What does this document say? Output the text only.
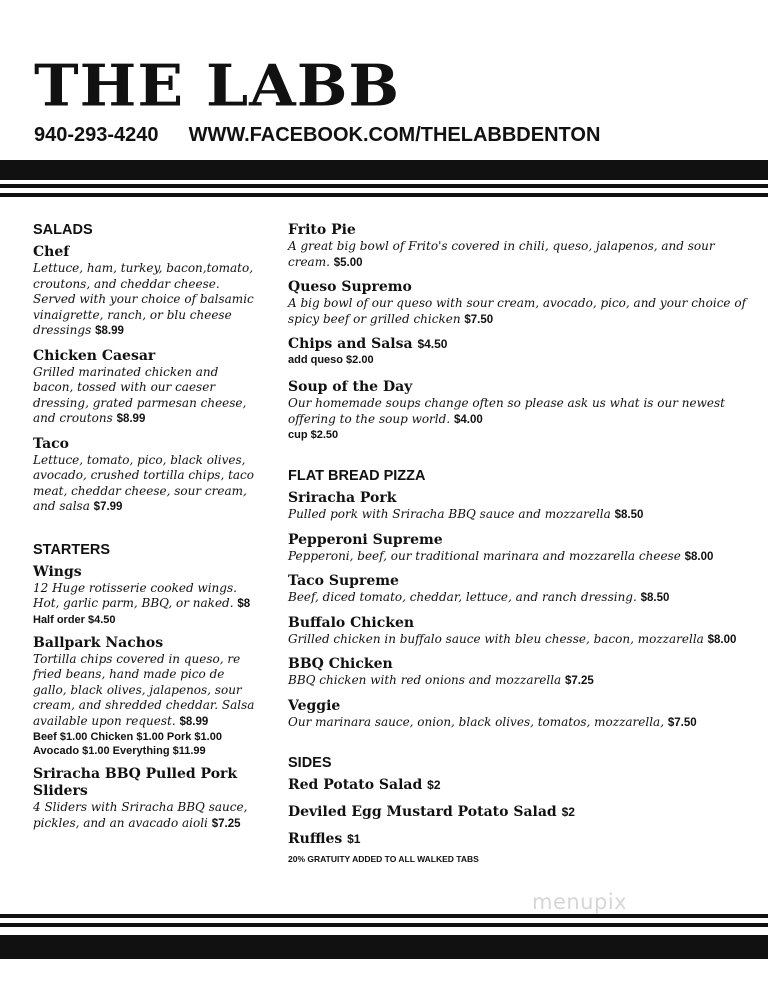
THE LABB
940-293-4240 WWW.FACEBOOK.COM/THELABBDENTON
SALADS
Chef
Lettuce, ham, turkey, bacon,tomato, croutons, and cheddar cheese. Served with your choice of balsamic vinaigrette, ranch, or blu cheese dressings $8.99
Chicken Caesar
Grilled marinated chicken and bacon, tossed with our caeser dressing, grated parmesan cheese, and croutons $8.99
Taco
Lettuce, tomato, pico, black olives, avocado, crushed tortilla chips, taco meat, cheddar cheese, sour cream, and salsa $7.99
STARTERS
Wings
12 Huge rotisserie cooked wings. Hot, garlic parm, BBQ, or naked. $8
Half order $4.50
Ballpark Nachos
Tortilla chips covered in queso, re fried beans, hand made pico de gallo, black olives, jalapenos, sour cream, and shredded cheddar. Salsa available upon request. $8.99
Beef $1.00 Chicken $1.00 Pork $1.00 Avocado $1.00 Everything $11.99
Sriracha BBQ Pulled Pork Sliders
4 Sliders with Sriracha BBQ sauce, pickles, and an avacado aioli $7.25
Frito Pie
A great big bowl of Frito's covered in chili, queso, jalapenos, and sour cream. $5.00
Queso Supremo
A big bowl of our queso with sour cream, avocado, pico, and your choice of spicy beef or grilled chicken $7.50
Chips and Salsa $4.50
add queso $2.00
Soup of the Day
Our homemade soups change often so please ask us what is our newest offering to the soup world. $4.00
cup $2.50
FLAT BREAD PIZZA
Sriracha Pork
Pulled pork with Sriracha BBQ sauce and mozzarella $8.50
Pepperoni Supreme
Pepperoni, beef, our traditional marinara and mozzarella cheese $8.00
Taco Supreme
Beef, diced tomato, cheddar, lettuce, and ranch dressing. $8.50
Buffalo Chicken
Grilled chicken in buffalo sauce with bleu chesse, bacon, mozzarella $8.00
BBQ Chicken
BBQ chicken with red onions and mozzarella $7.25
Veggie
Our marinara sauce, onion, black olives, tomatos, mozzarella, $7.50
SIDES
Red Potato Salad $2
Deviled Egg Mustard Potato Salad $2
Ruffles $1
20% GRATUITY ADDED TO ALL WALKED TABS
menupix
